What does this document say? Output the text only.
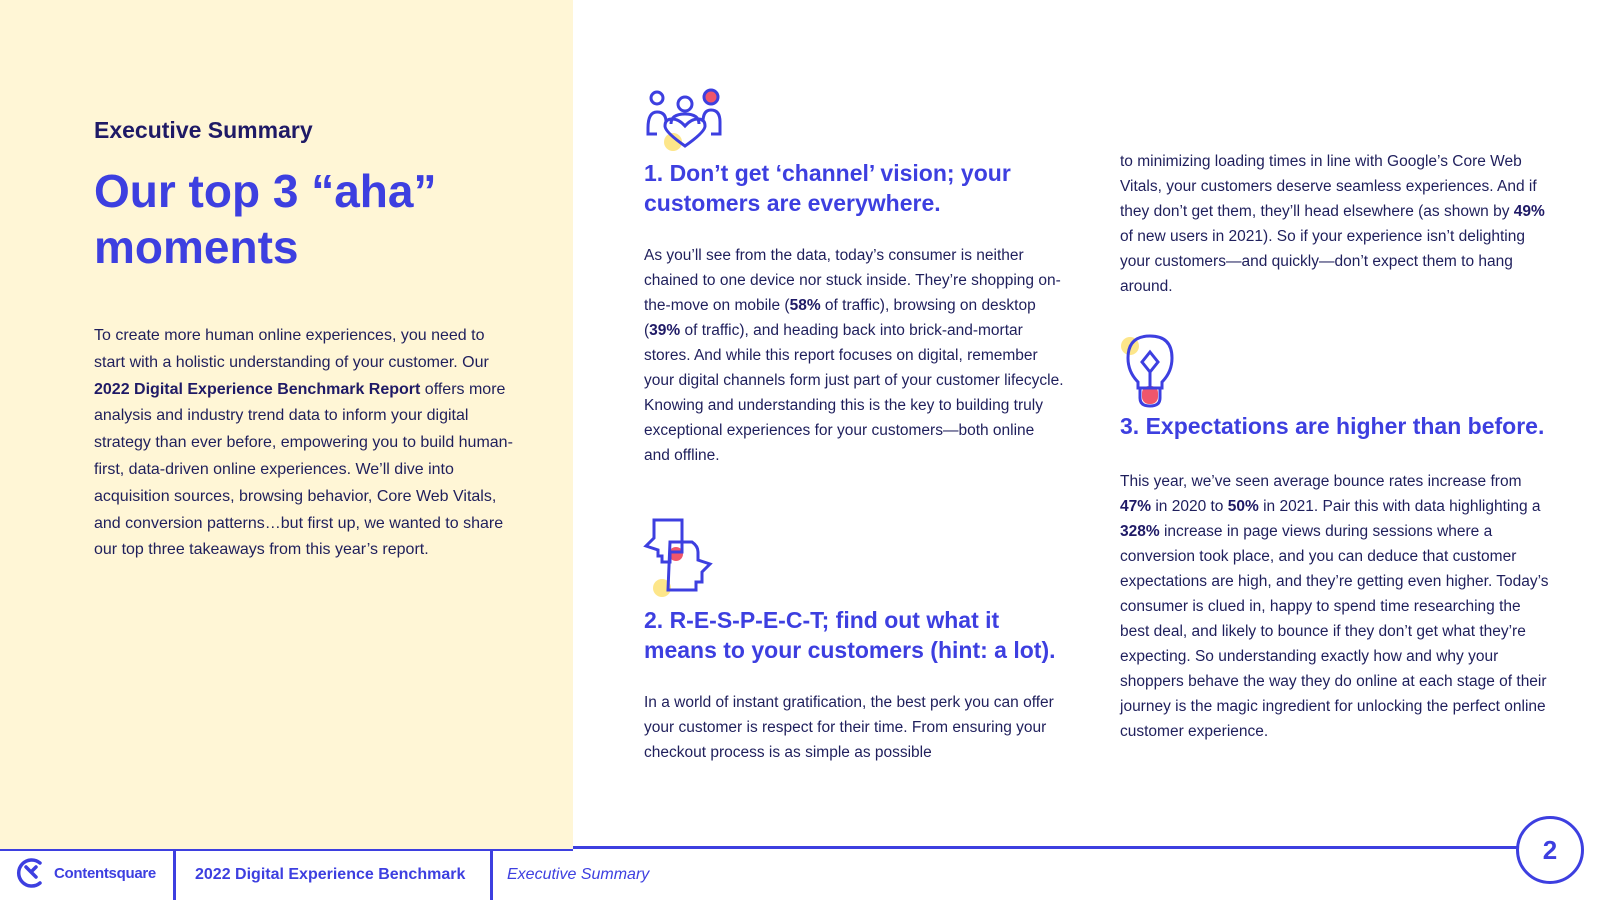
Executive Summary
Our top 3 “aha” moments

To create more human online experiences, you need to start with a holistic understanding of your customer. Our 2022 Digital Experience Benchmark Report offers more analysis and industry trend data to inform your digital strategy than ever before, empowering you to build human-first, data-driven online experiences. We’ll dive into acquisition sources, browsing behavior, Core Web Vitals, and conversion patterns…but first up, we wanted to share our top three takeaways from this year’s report.

1. Don’t get ‘channel’ vision; your customers are everywhere.

As you’ll see from the data, today’s consumer is neither chained to one device nor stuck inside. They’re shopping on-the-move on mobile (58% of traffic), browsing on desktop (39% of traffic), and heading back into brick-and-mortar stores. And while this report focuses on digital, remember your digital channels form just part of your customer lifecycle. Knowing and understanding this is the key to building truly exceptional experiences for your customers—both online and offline.

2. R-E-S-P-E-C-T; find out what it means to your customers (hint: a lot).

In a world of instant gratification, the best perk you can offer your customer is respect for their time. From ensuring your checkout process is as simple as possible

to minimizing loading times in line with Google’s Core Web Vitals, your customers deserve seamless experiences. And if they don’t get them, they’ll head elsewhere (as shown by 49% of new users in 2021). So if your experience isn’t delighting your customers—and quickly—don’t expect them to hang around.

3. Expectations are higher than before.

This year, we’ve seen average bounce rates increase from 47% in 2020 to 50% in 2021. Pair this with data highlighting a 328% increase in page views during sessions where a conversion took place, and you can deduce that customer expectations are high, and they’re getting even higher. Today’s consumer is clued in, happy to spend time researching the best deal, and likely to bounce if they don’t get what they’re expecting. So understanding exactly how and why your shoppers behave the way they do online at each stage of their journey is the magic ingredient for unlocking the perfect online customer experience.

Contentsquare 2022 Digital Experience Benchmark	Executive Summary
2
